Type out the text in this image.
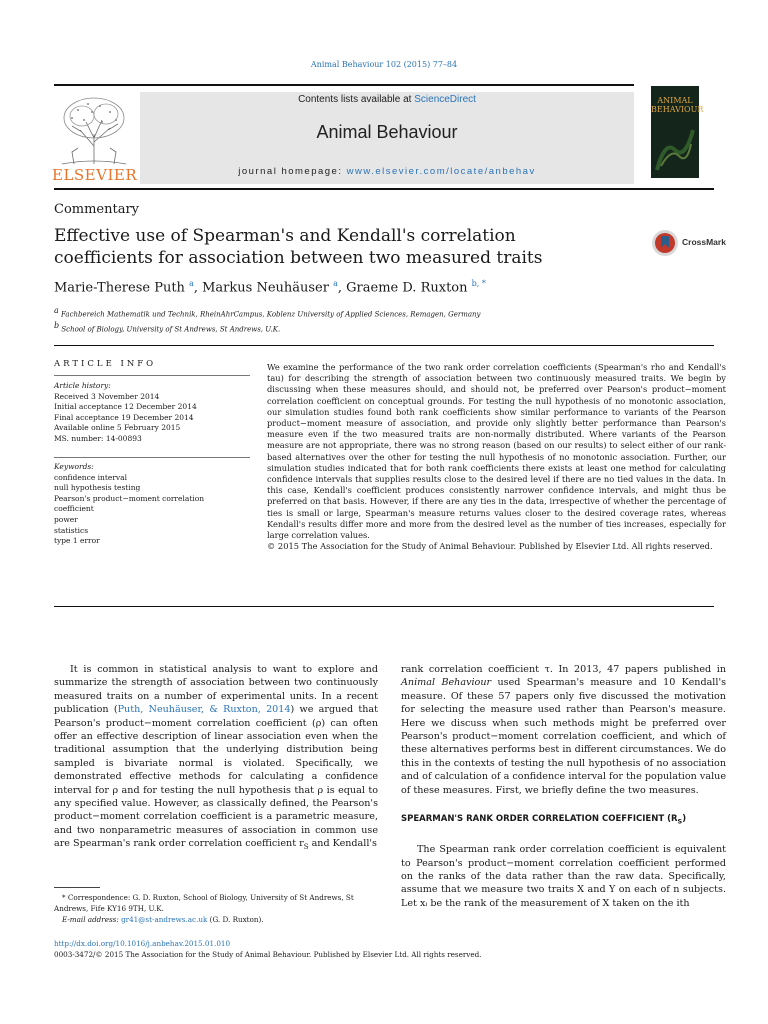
Animal Behaviour 102 (2015) 77–84
ELSEVIER
Contents lists available at ScienceDirect
Animal Behaviour
journal homepage: www.elsevier.com/locate/anbehav
ANIMAL
BEHAVIOUR
Commentary
Effective use of Spearman's and Kendall's correlation coefficients for association between two measured traits
CrossMark
Marie-Therese Puth $^a$, Markus Neuhäuser $^a$, Graeme D. Ruxton $^{b, *}$
$^a$ Fachbereich Mathematik und Technik, RheinAhrCampus, Koblenz University of Applied Sciences, Remagen, Germany
$^b$ School of Biology, University of St Andrews, St Andrews, U.K.
ARTICLE INFO
Article history:
Received 3 November 2014
Initial acceptance 12 December 2014
Final acceptance 19 December 2014
Available online 5 February 2015
MS. number: 14-00893
Keywords:
confidence interval
null hypothesis testing
Pearson's product−moment correlation
coefficient
power
statistics
type 1 error

We examine the performance of the two rank order correlation coefficients (Spearman's rho and Kendall's tau) for describing the strength of association between two continuously measured traits. We begin by discussing when these measures should, and should not, be preferred over Pearson's product−moment correlation coefficient on conceptual grounds. For testing the null hypothesis of no monotonic association, our simulation studies found both rank coefficients show similar performance to variants of the Pearson product−moment measure of association, and provide only slightly better performance than Pearson's measure even if the two measured traits are non-normally distributed. Where variants of the Pearson measure are not appropriate, there was no strong reason (based on our results) to select either of our rank-based alternatives over the other for testing the null hypothesis of no monotonic association. Further, our simulation studies indicated that for both rank coefficients there exists at least one method for calculating confidence intervals that supplies results close to the desired level if there are no tied values in the data. In this case, Kendall's coefficient produces consistently narrower confidence intervals, and might thus be preferred on that basis. However, if there are any ties in the data, irrespective of whether the percentage of ties is small or large, Spearman's measure returns values closer to the desired coverage rates, whereas Kendall's results differ more and more from the desired level as the number of ties increases, especially for large correlation values.

© 2015 The Association for the Study of Animal Behaviour. Published by Elsevier Ltd. All rights reserved.

It is common in statistical analysis to want to explore and summarize the strength of association between two continuously measured traits on a number of experimental units. In a recent publication (Puth, Neuhäuser, & Ruxton, 2014) we argued that Pearson's product−moment correlation coefficient (ρ) can often offer an effective description of linear association even when the traditional assumption that the underlying distribution being sampled is bivariate normal is violated. Specifically, we demonstrated effective methods for calculating a confidence interval for ρ and for testing the null hypothesis that ρ is equal to any specified value. However, as classically defined, the Pearson's product−moment correlation coefficient is a parametric measure, and two nonparametric measures of association in common use are Spearman's rank order correlation coefficient $r_S$ and Kendall's

rank correlation coefficient τ. In 2013, 47 papers published in Animal Behaviour used Spearman's measure and 10 Kendall's measure. Of these 57 papers only five discussed the motivation for selecting the measure used rather than Pearson's measure. Here we discuss when such methods might be preferred over Pearson's product−moment correlation coefficient, and which of these alternatives performs best in different circumstances. We do this in the contexts of testing the null hypothesis of no association and of calculation of a confidence interval for the population value of these measures. First, we briefly define the two measures.

SPEARMAN'S RANK ORDER CORRELATION COEFFICIENT $(R_S)$

The Spearman rank order correlation coefficient is equivalent to Pearson's product−moment correlation coefficient performed on the ranks of the data rather than the raw data. Specifically, assume that we measure two traits X and Y on each of n subjects. Let xᵢ be the rank of the measurement of X taken on the ith

* Correspondence: G. D. Ruxton, School of Biology, University of St Andrews, St Andrews, Fife KY16 9TH, U.K.
E-mail address: gr41@st-andrews.ac.uk (G. D. Ruxton).
http://dx.doi.org/10.1016/j.anbehav.2015.01.010
0003-3472/© 2015 The Association for the Study of Animal Behaviour. Published by Elsevier Ltd. All rights reserved.
